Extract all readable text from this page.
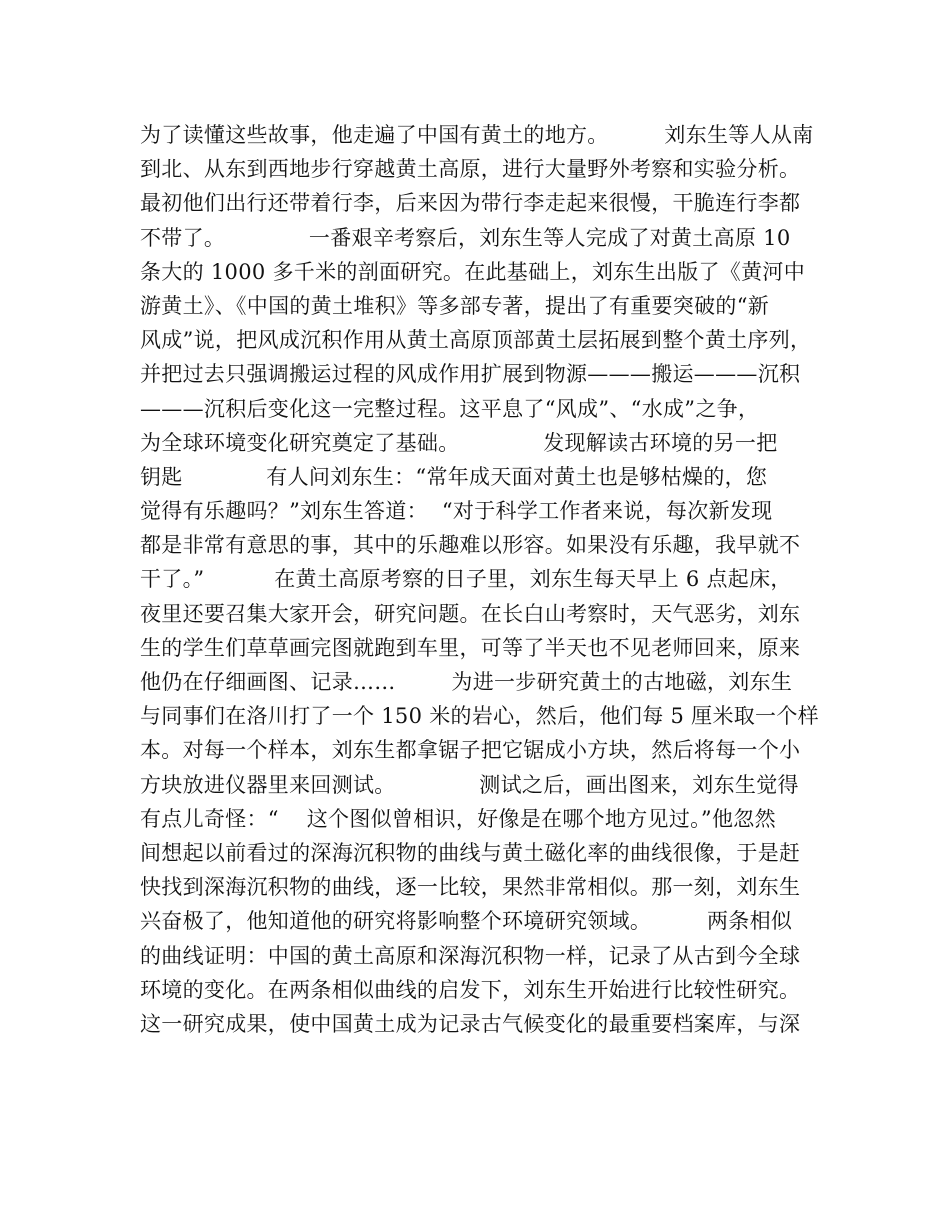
为了读懂这些故事，他走遍了中国有黄土的地方。        刘东生等人从南
到北、从东到西地步行穿越黄土高原，进行大量野外考察和实验分析。
最初他们出行还带着行李，后来因为带行李走起来很慢，干脆连行李都
不带了。            一番艰辛考察后，刘东生等人完成了对黄土高原 10
条大的 1000 多千米的剖面研究。在此基础上，刘东生出版了《黄河中
游黄土》、《中国的黄土堆积》等多部专著，提出了有重要突破的“新
风成”说，把风成沉积作用从黄土高原顶部黄土层拓展到整个黄土序列，
并把过去只强调搬运过程的风成作用扩展到物源———搬运———沉积
———沉积后变化这一完整过程。这平息了“风成”、“水成”之争，
为全球环境变化研究奠定了基础。            发现解读古环境的另一把
钥匙            有人问刘东生：“常年成天面对黄土也是够枯燥的，您
觉得有乐趣吗？”刘东生答道：  “对于科学工作者来说，每次新发现
都是非常有意思的事，其中的乐趣难以形容。如果没有乐趣，我早就不
干了。”          在黄土高原考察的日子里，刘东生每天早上 6 点起床，
夜里还要召集大家开会，研究问题。在长白山考察时，天气恶劣，刘东
生的学生们草草画完图就跑到车里，可等了半天也不见老师回来，原来
他仍在仔细画图、记录……        为进一步研究黄土的古地磁，刘东生
与同事们在洛川打了一个 150 米的岩心，然后，他们每 5 厘米取一个样
本。对每一个样本，刘东生都拿锯子把它锯成小方块，然后将每一个小
方块放进仪器里来回测试。            测试之后，画出图来，刘东生觉得
有点儿奇怪：“    这个图似曾相识，好像是在哪个地方见过。”他忽然
间想起以前看过的深海沉积物的曲线与黄土磁化率的曲线很像，于是赶
快找到深海沉积物的曲线，逐一比较，果然非常相似。那一刻，刘东生
兴奋极了，他知道他的研究将影响整个环境研究领域。        两条相似
的曲线证明：中国的黄土高原和深海沉积物一样，记录了从古到今全球
环境的变化。在两条相似曲线的启发下，刘东生开始进行比较性研究。
这一研究成果，使中国黄土成为记录古气候变化的最重要档案库，与深
